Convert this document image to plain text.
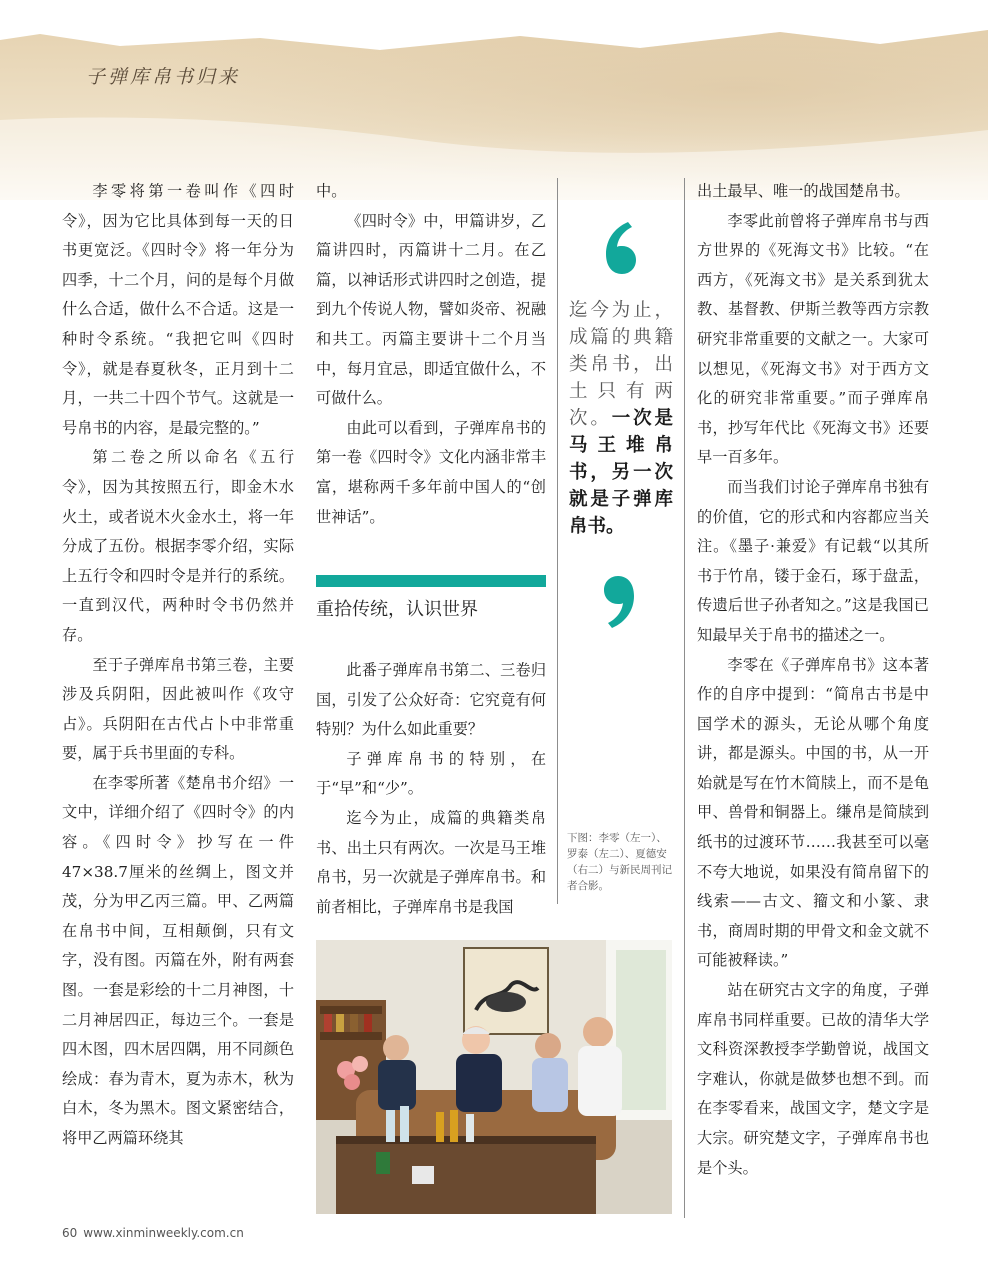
子弹库帛书归来

李零将第一卷叫作《四时令》，因为它比具体到每一天的日书更宽泛。《四时令》将一年分为四季，十二个月，问的是每个月做什么合适，做什么不合适。这是一种时令系统。“我把它叫《四时令》，就是春夏秋冬，正月到十二月，一共二十四个节气。这就是一号帛书的内容，是最完整的。”

第二卷之所以命名《五行令》，因为其按照五行，即金木水火土，或者说木火金水土，将一年分成了五份。根据李零介绍，实际上五行令和四时令是并行的系统。一直到汉代，两种时令书仍然并存。

至于子弹库帛书第三卷，主要涉及兵阴阳，因此被叫作《攻守占》。兵阴阳在古代占卜中非常重要，属于兵书里面的专科。

在李零所著《楚帛书介绍》一文中，详细介绍了《四时令》的内容。《四时令》抄写在一件47×38.7厘米的丝绸上，图文并茂，分为甲乙丙三篇。甲、乙两篇在帛书中间，互相颠倒，只有文字，没有图。丙篇在外，附有两套图。一套是彩绘的十二月神图，十二月神居四正，每边三个。一套是四木图，四木居四隅，用不同颜色绘成：春为青木，夏为赤木，秋为白木，冬为黑木。图文紧密结合，将甲乙两篇环绕其

中。

《四时令》中，甲篇讲岁，乙篇讲四时，丙篇讲十二月。在乙篇，以神话形式讲四时之创造，提到九个传说人物，譬如炎帝、祝融和共工。丙篇主要讲十二个月当中，每月宜忌，即适宜做什么，不可做什么。

由此可以看到，子弹库帛书的第一卷《四时令》文化内涵非常丰富，堪称两千多年前中国人的“创世神话”。

重拾传统，认识世界

此番子弹库帛书第二、三卷归国，引发了公众好奇：它究竟有何特别？为什么如此重要？

子弹库帛书的特别，在于“早”和“少”。

迄今为止，成篇的典籍类帛书、出土只有两次。一次是马王堆帛书，另一次就是子弹库帛书。和前者相比，子弹库帛书是我国

迄今为止，成篇的典籍类帛书，出土只有两次。一次是马王堆帛书，另一次就是子弹库帛书。
下图：李零（左一）、罗泰（左二）、夏德安（右二）与新民周刊记者合影。

出土最早、唯一的战国楚帛书。

李零此前曾将子弹库帛书与西方世界的《死海文书》比较。“在西方，《死海文书》是关系到犹太教、基督教、伊斯兰教等西方宗教研究非常重要的文献之一。大家可以想见，《死海文书》对于西方文化的研究非常重要。”而子弹库帛书，抄写年代比《死海文书》还要早一百多年。

而当我们讨论子弹库帛书独有的价值，它的形式和内容都应当关注。《墨子·兼爱》有记载“以其所书于竹帛，镂于金石，琢于盘盂，传遗后世子孙者知之。”这是我国已知最早关于帛书的描述之一。

李零在《子弹库帛书》这本著作的自序中提到：“简帛古书是中国学术的源头，无论从哪个角度讲，都是源头。中国的书，从一开始就是写在竹木简牍上，而不是龟甲、兽骨和铜器上。缣帛是简牍到纸书的过渡环节……我甚至可以毫不夸大地说，如果没有简帛留下的线索——古文、籀文和小篆、隶书，商周时期的甲骨文和金文就不可能被释读。”

站在研究古文字的角度，子弹库帛书同样重要。已故的清华大学文科资深教授李学勤曾说，战国文字难认，你就是做梦也想不到。而在李零看来，战国文字，楚文字是大宗。研究楚文字，子弹库帛书也是个头。

60 www.xinminweekly.com.cn
